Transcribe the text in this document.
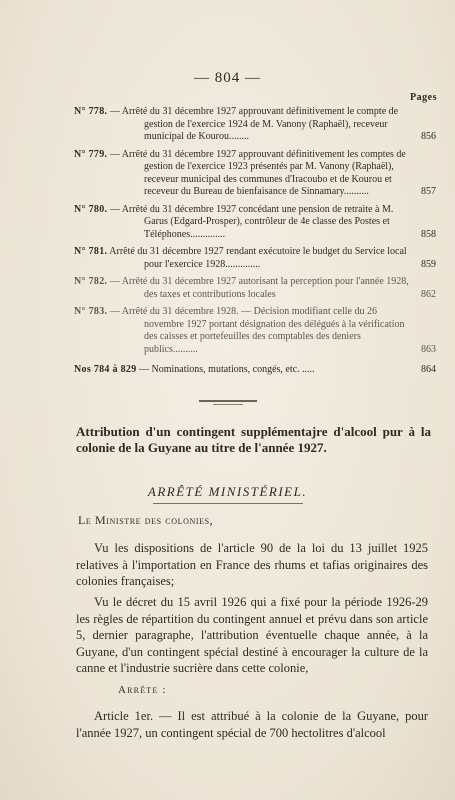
— 804 —
Pages
N° 778. — Arrêté du 31 décembre 1927 approuvant définitivement le compte de gestion de l'exercice 1924 de M. Vanony (Raphaël), receveur municipal de Kourou........	856
N° 779. — Arrêté du 31 décembre 1927 approuvant définitivement les comptes de gestion de l'exercice 1923 présentés par M. Vanony (Raphaël), receveur municipal des communes d'Iracoubo et de Kourou et receveur du Bureau de bienfaisance de Sinnamary..........	857
N° 780. — Arrêté du 31 décembre 1927 concédant une pension de retraite à M. Garus (Edgard-Prosper), contrôleur de 4e classe des Postes et Téléphones..............	858
N° 781. Arrêté du 31 décembre 1927 rendant exécutoire le budget du Service local pour l'exercice 1928..............	859
N° 782. — Arrêté du 31 décembre 1927 autorisant la perception pour l'année 1928, des taxes et contributions locales	862
N° 783. — Arrêté du 31 décembre 1928. — Décision modifiant celle du 26 novembre 1927 portant désignation des délégués à la vérification des caisses et portefeuilles des comptables des deniers publics..........	863
Nos 784 à 829 — Nominations, mutations, congés, etc. .....	864
Attribution d'un contingent supplémentajre d'alcool pur à la colonie de la Guyane au titre de l'année 1927.
ARRÊTÉ MINISTÉRIEL.
Le Ministre des colonies,
Vu les dispositions de l'article 90 de la loi du 13 juillet 1925 relatives à l'importation en France des rhums et tafias originaires des colonies françaises;
Vu le décret du 15 avril 1926 qui a fixé pour la période 1926-29 les règles de répartition du contingent annuel et prévu dans son article 5, dernier paragraphe, l'attribution éventuelle chaque année, à la Guyane, d'un contingent spécial destiné à encourager la culture de la canne et l'industrie sucrière dans cette colonie,
Arrête :
Article 1er. — Il est attribué à la colonie de la Guyane, pour l'année 1927, un contingent spécial de 700 hectolitres d'alcool
